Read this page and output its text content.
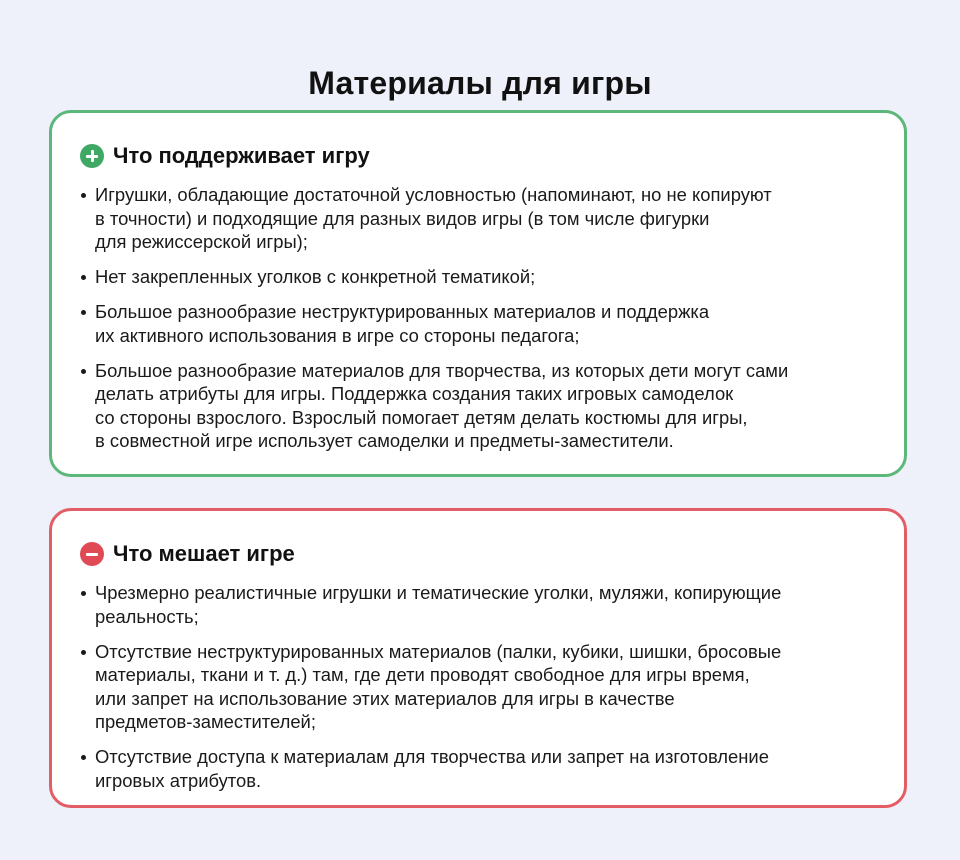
Материалы для игры
Что поддерживает игру
Игрушки, обладающие достаточной условностью (напоминают, но не копируют
в точности) и подходящие для разных видов игры (в том числе фигурки
для режиссерской игры);
Нет закрепленных уголков с конкретной тематикой;
Большое разнообразие неструктурированных материалов и поддержка
их активного использования в игре со стороны педагога;
Большое разнообразие материалов для творчества, из которых дети могут сами
делать атрибуты для игры. Поддержка создания таких игровых самоделок
со стороны взрослого. Взрослый помогает детям делать костюмы для игры,
в совместной игре использует самоделки и предметы-заместители.
Что мешает игре
Чрезмерно реалистичные игрушки и тематические уголки, муляжи, копирующие
реальность;
Отсутствие неструктурированных материалов (палки, кубики, шишки, бросовые
материалы, ткани и т. д.) там, где дети проводят свободное для игры время,
или запрет на использование этих материалов для игры в качестве
предметов-заместителей;
Отсутствие доступа к материалам для творчества или запрет на изготовление
игровых атрибутов.
